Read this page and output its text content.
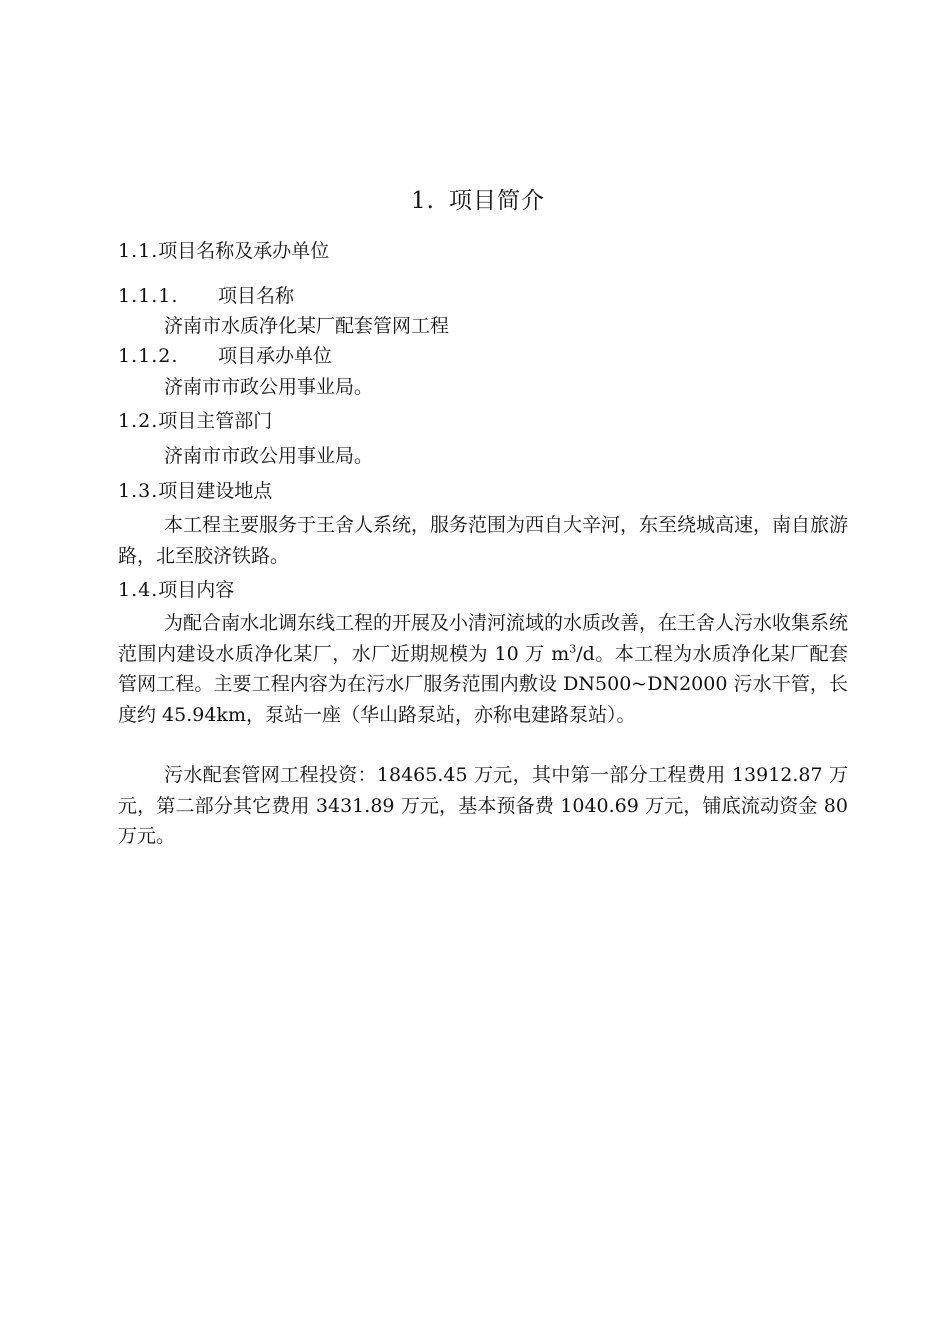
1. 项目简介
1.1.项目名称及承办单位
1.1.1. 项目名称
济南市水质净化某厂配套管网工程
1.1.2. 项目承办单位
济南市市政公用事业局。
1.2.项目主管部门
济南市市政公用事业局。
1.3.项目建设地点
本工程主要服务于王舍人系统，服务范围为西自大辛河，东至绕城高速，南自旅游路，北至胶济铁路。
1.4.项目内容
为配合南水北调东线工程的开展及小清河流域的水质改善，在王舍人污水收集系统范围内建设水质净化某厂，水厂近期规模为 10 万 $m^3/d$。本工程为水质净化某厂配套管网工程。主要工程内容为在污水厂服务范围内敷设 DN500~DN2000 污水干管，长度约 45.94km，泵站一座（华山路泵站，亦称电建路泵站）。
污水配套管网工程投资：18465.45 万元，其中第一部分工程费用 13912.87 万元，第二部分其它费用 3431.89 万元，基本预备费 1040.69 万元，铺底流动资金 80 万元。
